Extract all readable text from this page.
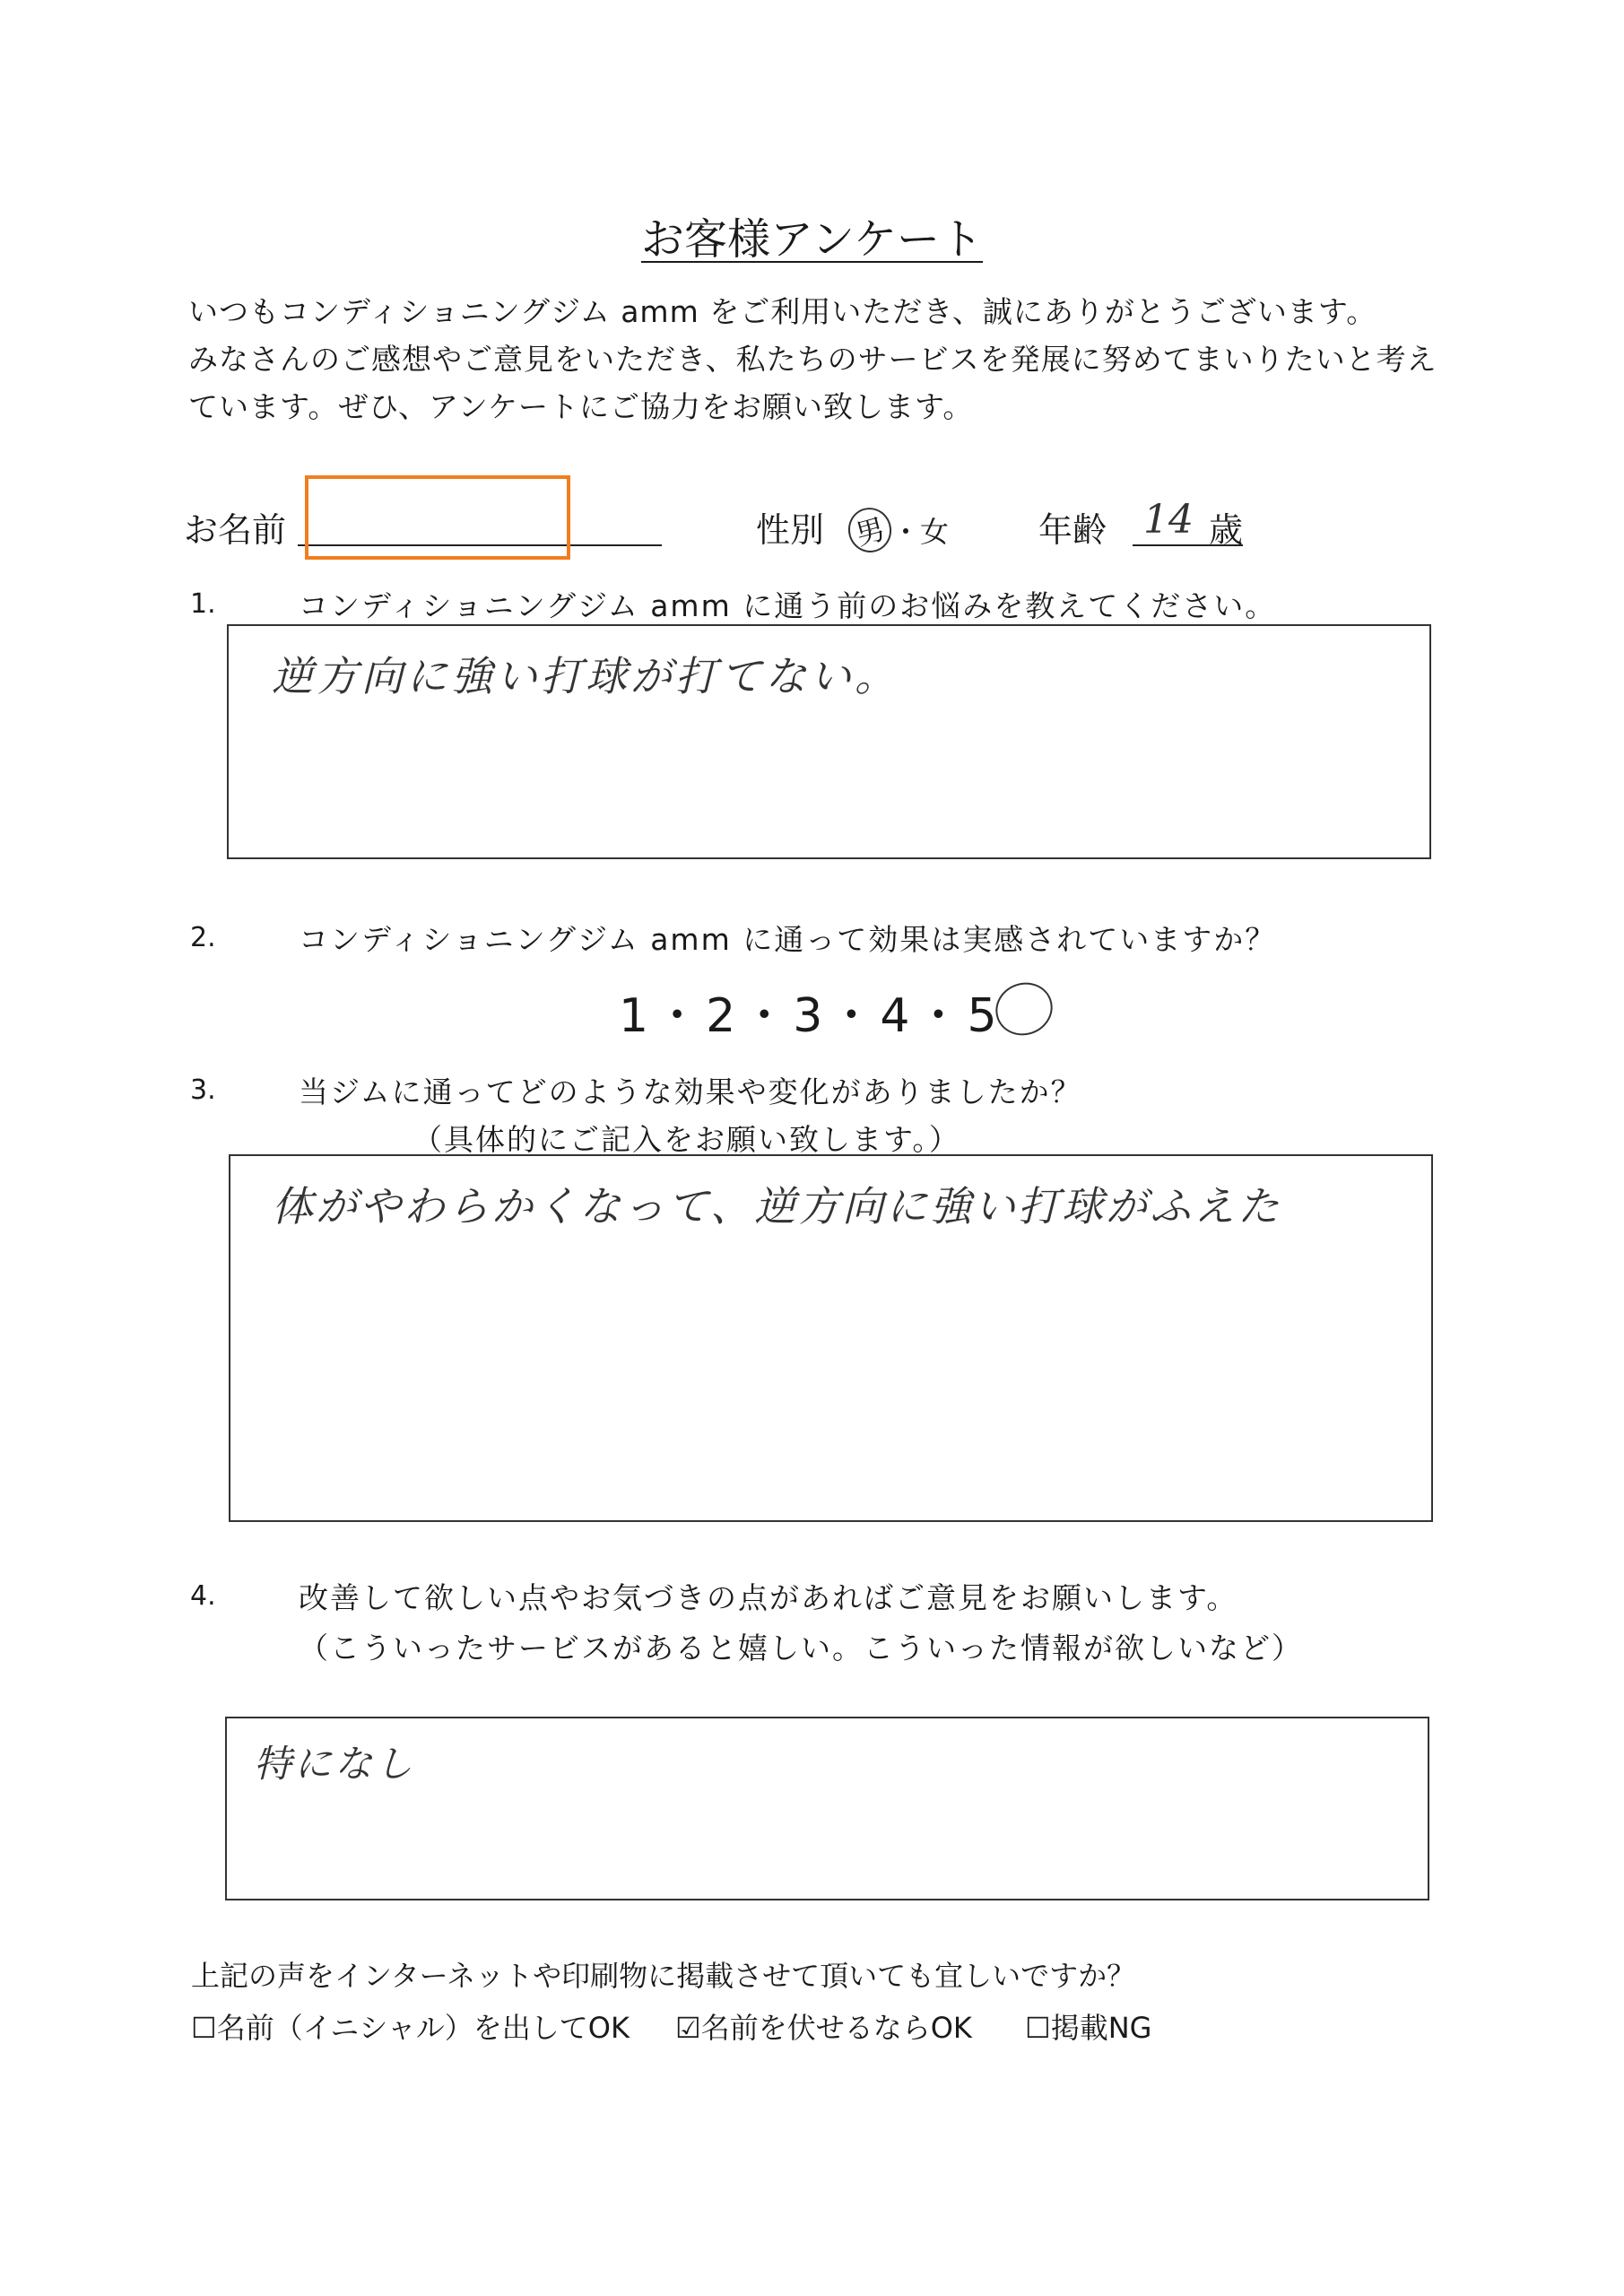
お客様アンケート
いつもコンディショニングジム amm をご利用いただき、誠にありがとうございます。
みなさんのご感想やご意見をいただき、私たちのサービスを発展に努めてまいりたいと考え
ています。ぜひ、アンケートにご協力をお願い致します。
お名前	性別 男・女	年齢 14 歳
1.	コンディショニングジム amm に通う前のお悩みを教えてください。
逆方向に強い打球が打てない。
2.	コンディショニングジム amm に通って効果は実感されていますか？
1・2・3・4・5
3.	当ジムに通ってどのような効果や変化がありましたか？
（具体的にご記入をお願い致します。）
体がやわらかくなって、逆方向に強い打球がふえた
4.	改善して欲しい点やお気づきの点があればご意見をお願いします。
（こういったサービスがあると嬉しい。こういった情報が欲しいなど）
特になし
上記の声をインターネットや印刷物に掲載させて頂いても宜しいですか？
☐名前（イニシャル）を出してOK ☑名前を伏せるならOK ☐掲載NG
